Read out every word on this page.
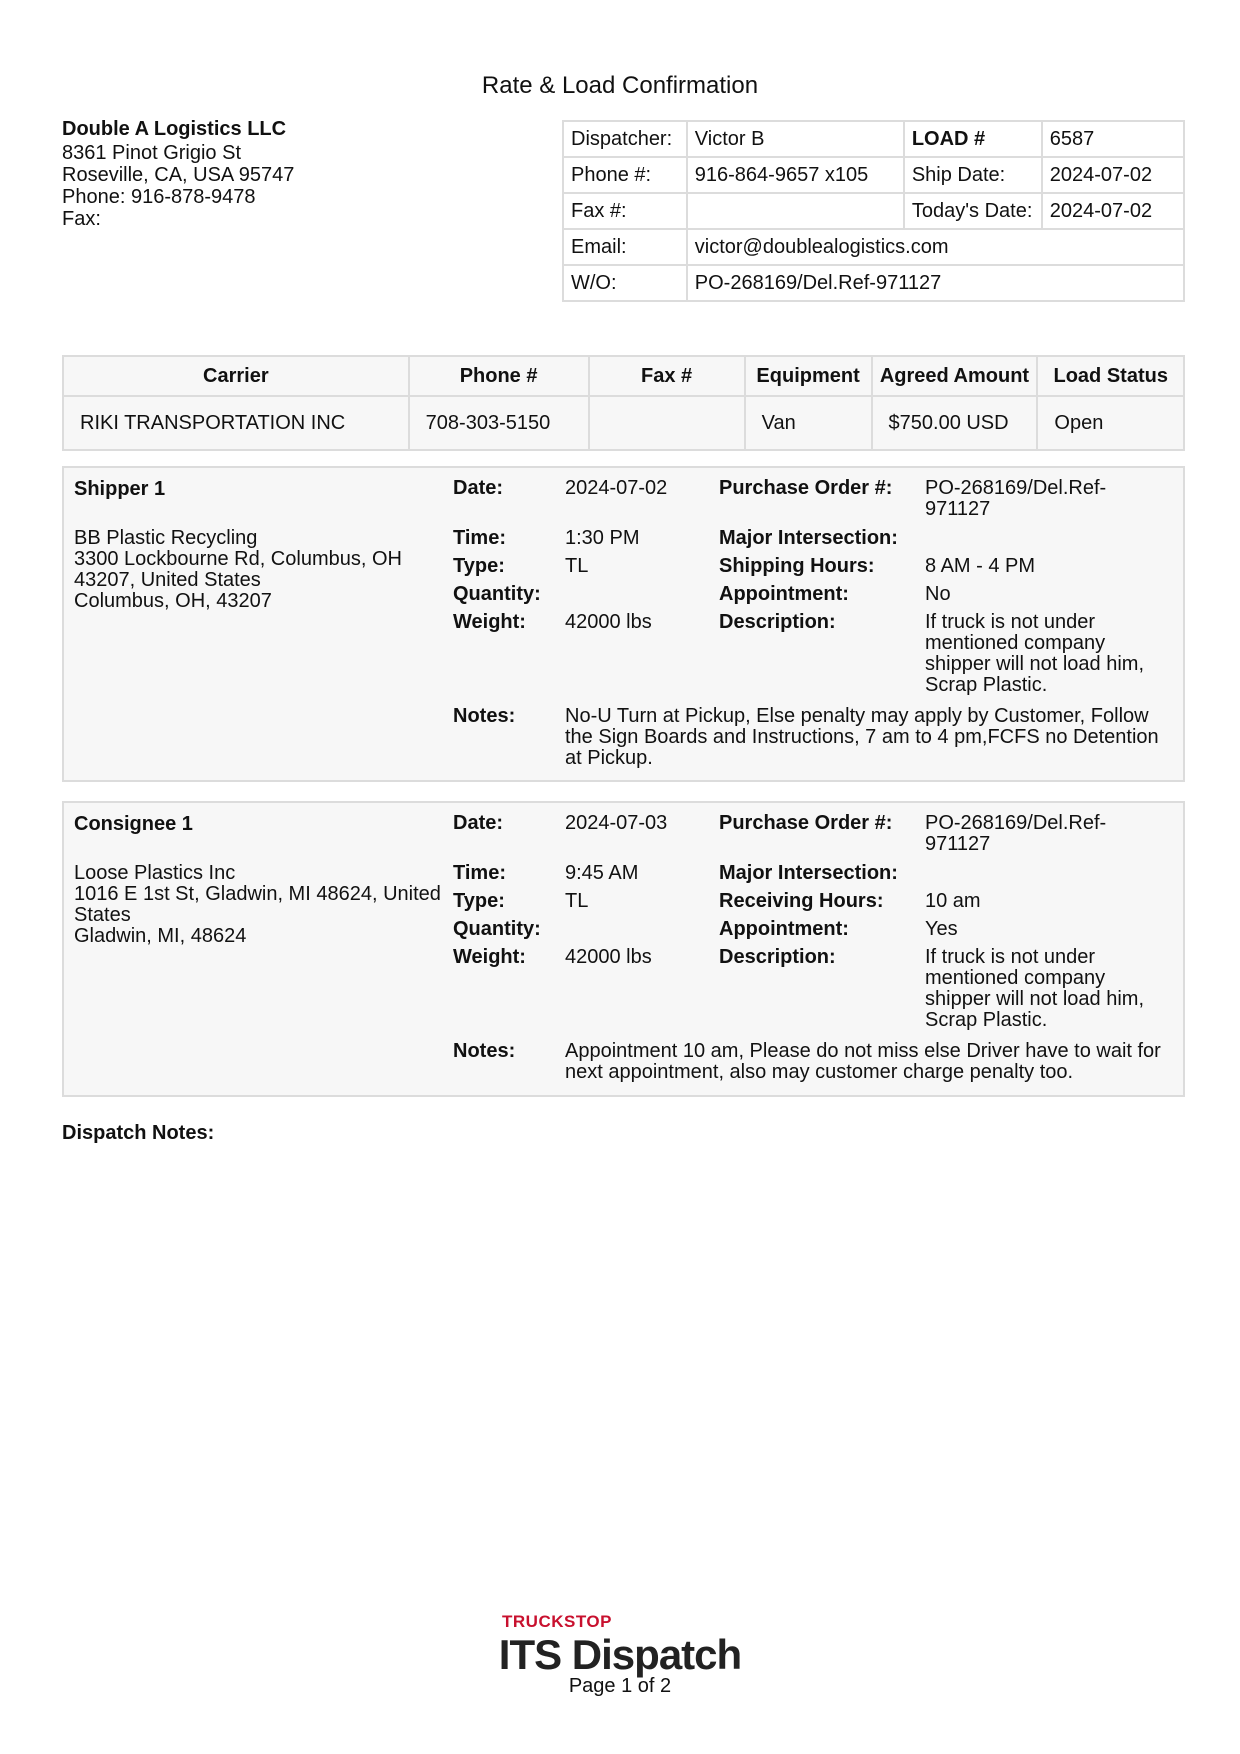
Rate & Load Confirmation
Double A Logistics LLC
8361 Pinot Grigio St
Roseville, CA, USA 95747
Phone: 916-878-9478
Fax:
Dispatcher:	Victor B	LOAD #	6587
Phone #:	916-864-9657 x105	Ship Date:	2024-07-02
Fax #:		Today's Date:	2024-07-02
Email:	victor@doublealogistics.com		
W/O:	PO-268169/Del.Ref-971127		
Carrier	Phone #	Fax #	Equipment	Agreed Amount	Load Status
RIKI TRANSPORTATION INC	708-303-5150		Van	$750.00 USD	Open
Shipper 1
BB Plastic Recycling
3300 Lockbourne Rd, Columbus, OH
43207, United States
Columbus, OH, 43207
Date:	2024-07-02	Purchase Order #: PO-268169/Del.Ref-
971127
Time:	1:30 PM	Major Intersection:
Type:	TL	Shipping Hours:	8 AM - 4 PM
Quantity:	Appointment:	No
Weight: 42000 lbs	Description:	If truck is not under
mentioned company
shipper will not load him,
Scrap Plastic.
Notes: No-U Turn at Pickup, Else penalty may apply by Customer, Follow
the Sign Boards and Instructions, 7 am to 4 pm,FCFS no Detention
at Pickup.
Consignee 1
Loose Plastics Inc
1016 E 1st St, Gladwin, MI 48624, United
States
Gladwin, MI, 48624
Date:	2024-07-03	Purchase Order #: PO-268169/Del.Ref-
971127
Time:	9:45 AM	Major Intersection:
Type:	TL	Receiving Hours: 10 am
Quantity:	Appointment:	Yes
Weight: 42000 lbs	Description:	If truck is not under
mentioned company
shipper will not load him,
Scrap Plastic.
Notes: Appointment 10 am, Please do not miss else Driver have to wait for
next appointment, also may customer charge penalty too.
Dispatch Notes:
TRUCKSTOP
ITS Dispatch
Page 1 of 2
